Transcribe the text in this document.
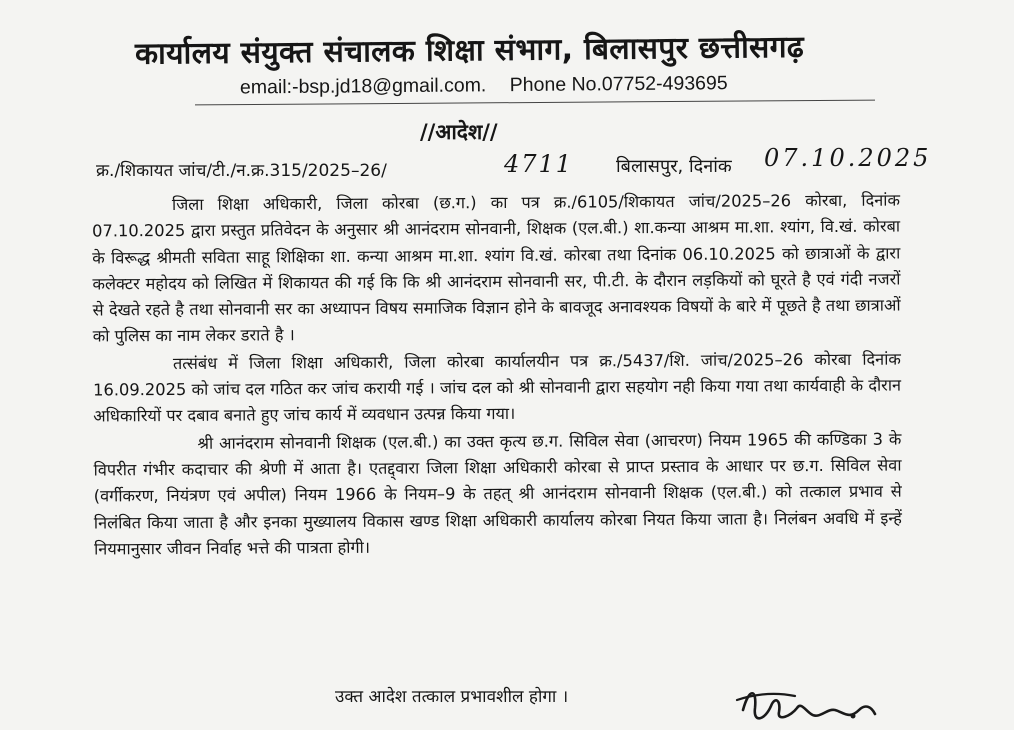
कार्यालय संयुक्त संचालक शिक्षा संभाग, बिलासपुर छत्तीसगढ़
email:-bsp.jd18@gmail.com. Phone No.07752-493695
//आदेश//
क्र./शिकायत जांच/टी./न.क्र.315/2025–26/	4711 बिलासपुर, दिनांक 07.10.2025

जिला शिक्षा अधिकारी, जिला कोरबा (छ.ग.) का पत्र क्र./6105/शिकायत जांच/2025–26 कोरबा, दिनांक 07.10.2025 द्वारा प्रस्तुत प्रतिवेदन के अनुसार श्री आनंदराम सोनवानी, शिक्षक (एल.बी.) शा.कन्या आश्रम मा.शा. श्यांग, वि.खं. कोरबा के विरूद्ध श्रीमती सविता साहू शिक्षिका शा. कन्या आश्रम मा.शा. श्यांग वि.खं. कोरबा तथा दिनांक 06.10.2025 को छात्राओं के द्वारा कलेक्टर महोदय को लिखित में शिकायत की गई कि कि श्री आनंदराम सोनवानी सर, पी.टी. के दौरान लड़कियों को घूरते है एवं गंदी नजरों से देखते रहते है तथा सोनवानी सर का अध्यापन विषय समाजिक विज्ञान होने के बावजूद अनावश्यक विषयों के बारे में पूछते है तथा छात्राओं को पुलिस का नाम लेकर डराते है ।

तत्संबंध में जिला शिक्षा अधिकारी, जिला कोरबा कार्यालयीन पत्र क्र./5437/शि. जांच/2025–26 कोरबा दिनांक 16.09.2025 को जांच दल गठित कर जांच करायी गई । जांच दल को श्री सोनवानी द्वारा सहयोग नही किया गया तथा कार्यवाही के दौरान अधिकारियों पर दबाव बनाते हुए जांच कार्य में व्यवधान उत्पन्न किया गया।

श्री आनंदराम सोनवानी शिक्षक (एल.बी.) का उक्त कृत्य छ.ग. सिविल सेवा (आचरण) नियम 1965 की कण्डिका 3 के विपरीत गंभीर कदाचार की श्रेणी में आता है। एतद्द्वारा जिला शिक्षा अधिकारी कोरबा से प्राप्त प्रस्ताव के आधार पर छ.ग. सिविल सेवा (वर्गीकरण, नियंत्रण एवं अपील) नियम 1966 के नियम–9 के तहत् श्री आनंदराम सोनवानी शिक्षक (एल.बी.) को तत्काल प्रभाव से निलंबित किया जाता है और इनका मुख्यालय विकास खण्ड शिक्षा अधिकारी कार्यालय कोरबा नियत किया जाता है। निलंबन अवधि में इन्हें नियमानुसार जीवन निर्वाह भत्ते की पात्रता होगी।

उक्त आदेश तत्काल प्रभावशील होगा ।
